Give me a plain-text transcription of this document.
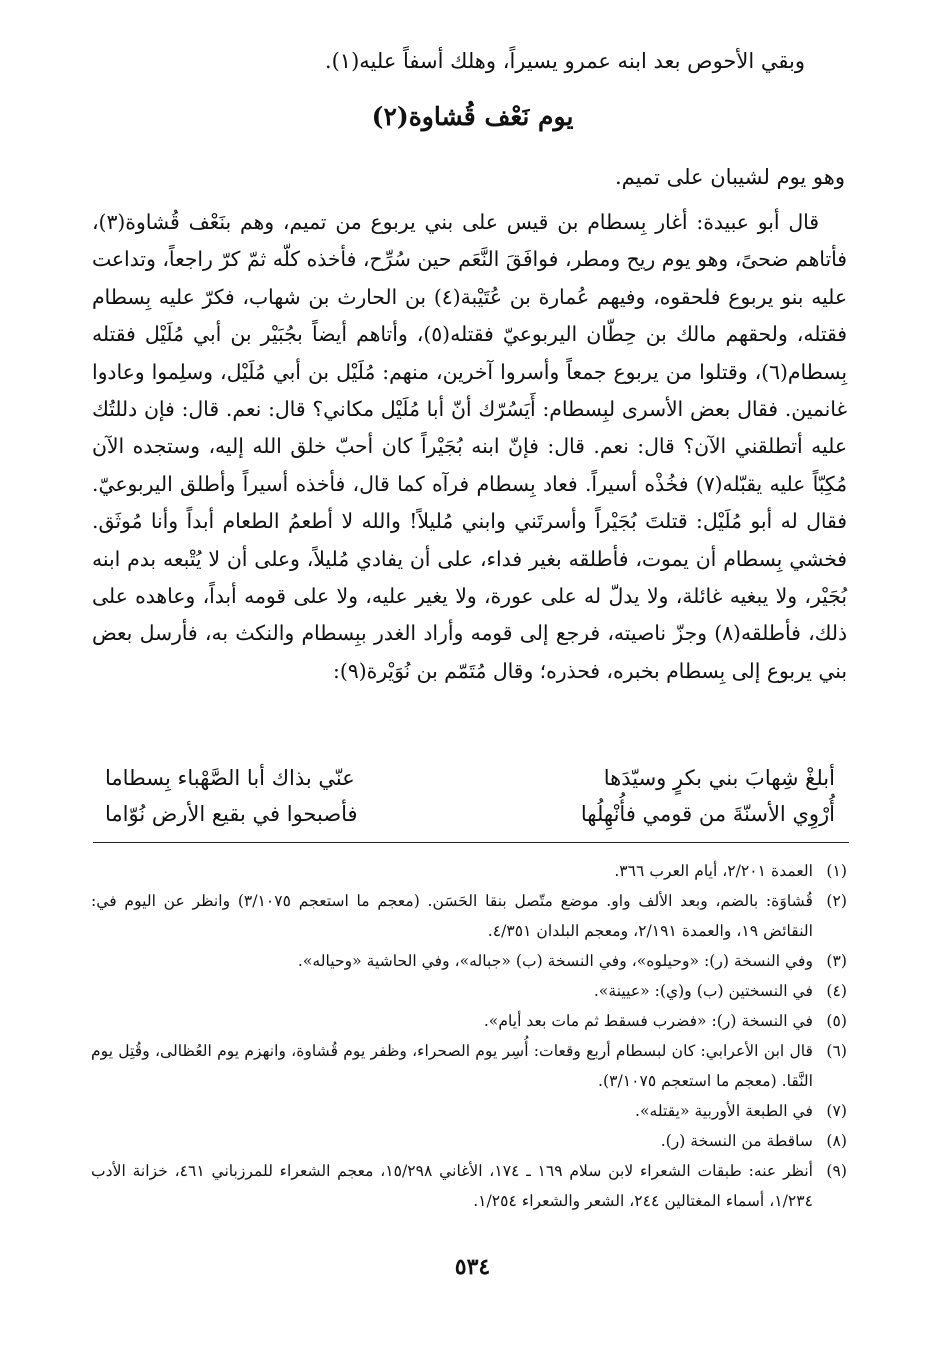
وبقي الأحوص بعد ابنه عمرو يسيراً، وهلك أسفاً عليه(١).
يوم نَعْف قُشاوة(٢)
وهو يوم لشيبان على تميم.

قال أبو عبيدة: أغار بِسطام بن قيس على بني يربوع من تميم، وهم بنَعْف قُشاوة(٣)، فأتاهم ضحىً، وهو يوم ريح ومطر، فوافَقَ النَّعَم حين سُرِّح، فأخذه كلّه ثمّ كرّ راجعاً، وتداعت عليه بنو يربوع فلحقوه، وفيهم عُمارة بن عُتَيْبة(٤) بن الحارث بن شهاب، فكرّ عليه بِسطام فقتله، ولحقهم مالك بن حِطّان اليربوعيّ فقتله(٥)، وأتاهم أيضاً بجُبَيْر بن أبي مُلَيْل فقتله بِسطام(٦)، وقتلوا من يربوع جمعاً وأسروا آخرين، منهم: مُلَيْل بن أبي مُلَيْل، وسلِموا وعادوا غانمين. فقال بعض الأسرى لبِسطام: أَيَسُرّك أنّ أبا مُلَيْل مكاني؟ قال: نعم. قال: فإن دللتُك عليه أتطلقني الآن؟ قال: نعم. قال: فإنّ ابنه بُجَيْراً كان أحبّ خلق الله إليه، وستجده الآن مُكِبّاً عليه يقبّله(٧) فخُذْه أسيراً. فعاد بِسطام فرآه كما قال، فأخذه أسيراً وأطلق اليربوعيّ. فقال له أبو مُلَيْل: قتلتَ بُجَيْراً وأسرتَني وابني مُليلاً! والله لا أطعمُ الطعام أبداً وأنا مُوثَق. فخشي بِسطام أن يموت، فأطلقه بغير فداء، على أن يفادي مُليلاً، وعلى أن لا يُتْبعه بدم ابنه بُجَيْر، ولا يبغيه غائلة، ولا يدلّ له على عورة، ولا يغير عليه، ولا على قومه أبداً، وعاهده على ذلك، فأطلقه(٨) وجزّ ناصيته، فرجع إلى قومه وأراد الغدر ببِسطام والنكث به، فأرسل بعض بني يربوع إلى بِسطام بخبره، فحذره؛ وقال مُتَمّم بن نُوَيْرة(٩):

أبلغْ شِهابَ بني بكرٍ وسيّدَها
عنّي بذاك أبا الصَّهْباء بِسطاما
أُرْوِي الأسنّةَ من قومي فأُنْهِلُها
فأصبحوا في بقيع الأرض نُوّاما
(١)
العمدة ٢/٢٠١، أيام العرب ٣٦٦.
(٢)
قُشاوَة: بالضم، وبعد الألف واو. موضع متّصل بنقا الحَسَن. (معجم ما استعجم ٣/١٠٧٥) وانظر عن اليوم في: النقائض ١٩، والعمدة ٢/١٩١، ومعجم البلدان ٤/٣٥١.
(٣)
وفي النسخة (ر): «وحيلوه»، وفي النسخة (ب) «جباله»، وفي الحاشية «وحياله».
(٤)
في النسختين (ب) و(ي): «عيينة».
(٥)
في النسخة (ر): «فضرب فسقط ثم مات بعد أيام».
(٦)
قال ابن الأعرابي: كان لبسطام أربع وقعات: أُسِر يوم الصحراء، وظفر يوم قُشاوة، وانهزم يوم العُظالى، وقُتِل يوم النَّقا. (معجم ما استعجم ٣/١٠٧٥).
(٧)
في الطبعة الأوربية «يقتله».
(٨)
ساقطة من النسخة (ر).
(٩)
أنظر عنه: طبقات الشعراء لابن سلام ١٦٩ ـ ١٧٤، الأغاني ١٥/٢٩٨، معجم الشعراء للمرزباني ٤٦١، خزانة الأدب ١/٢٣٤، أسماء المغتالين ٢٤٤، الشعر والشعراء ١/٢٥٤.
٥٣٤
